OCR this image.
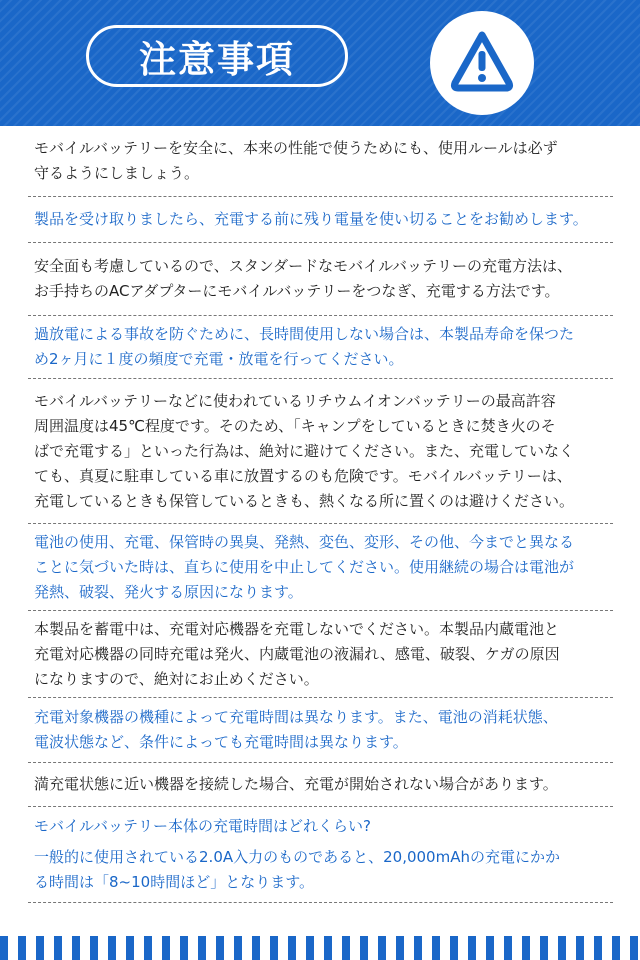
注意事項

モバイルバッテリーを安全に、本来の性能で使うためにも、使用ルールは必ず

守るようにしましょう。

製品を受け取りましたら、充電する前に残り電量を使い切ることをお勧めします。

安全面も考慮しているので、スタンダードなモバイルバッテリーの充電方法は、

お手持ちのACアダプターにモバイルバッテリーをつなぎ、充電する方法です。

過放電による事故を防ぐために、長時間使用しない場合は、本製品寿命を保つた

め2ヶ月に１度の頻度で充電・放電を行ってください。

モバイルバッテリーなどに使われているリチウムイオンバッテリーの最高許容

周囲温度は45℃程度です。そのため、「キャンプをしているときに焚き火のそ

ばで充電する」といった行為は、絶対に避けてください。また、充電していなく

ても、真夏に駐車している車に放置するのも危険です。モバイルバッテリーは、

充電しているときも保管しているときも、熱くなる所に置くのは避けください。

電池の使用、充電、保管時の異臭、発熱、変色、変形、その他、今までと異なる

ことに気づいた時は、直ちに使用を中止してください。使用継続の場合は電池が

発熱、破裂、発火する原因になります。

本製品を蓄電中は、充電対応機器を充電しないでください。本製品内蔵電池と

充電対応機器の同時充電は発火、内蔵電池の液漏れ、感電、破裂、ケガの原因

になりますので、絶対にお止めください。

充電対象機器の機種によって充電時間は異なります。また、電池の消耗状態、

電波状態など、条件によっても充電時間は異なります。

満充電状態に近い機器を接続した場合、充電が開始されない場合があります。

モバイルバッテリー本体の充電時間はどれくらい?

一般的に使用されている2.0A入力のものであると、20,000mAhの充電にかか

る時間は「8~10時間ほど」となります。
